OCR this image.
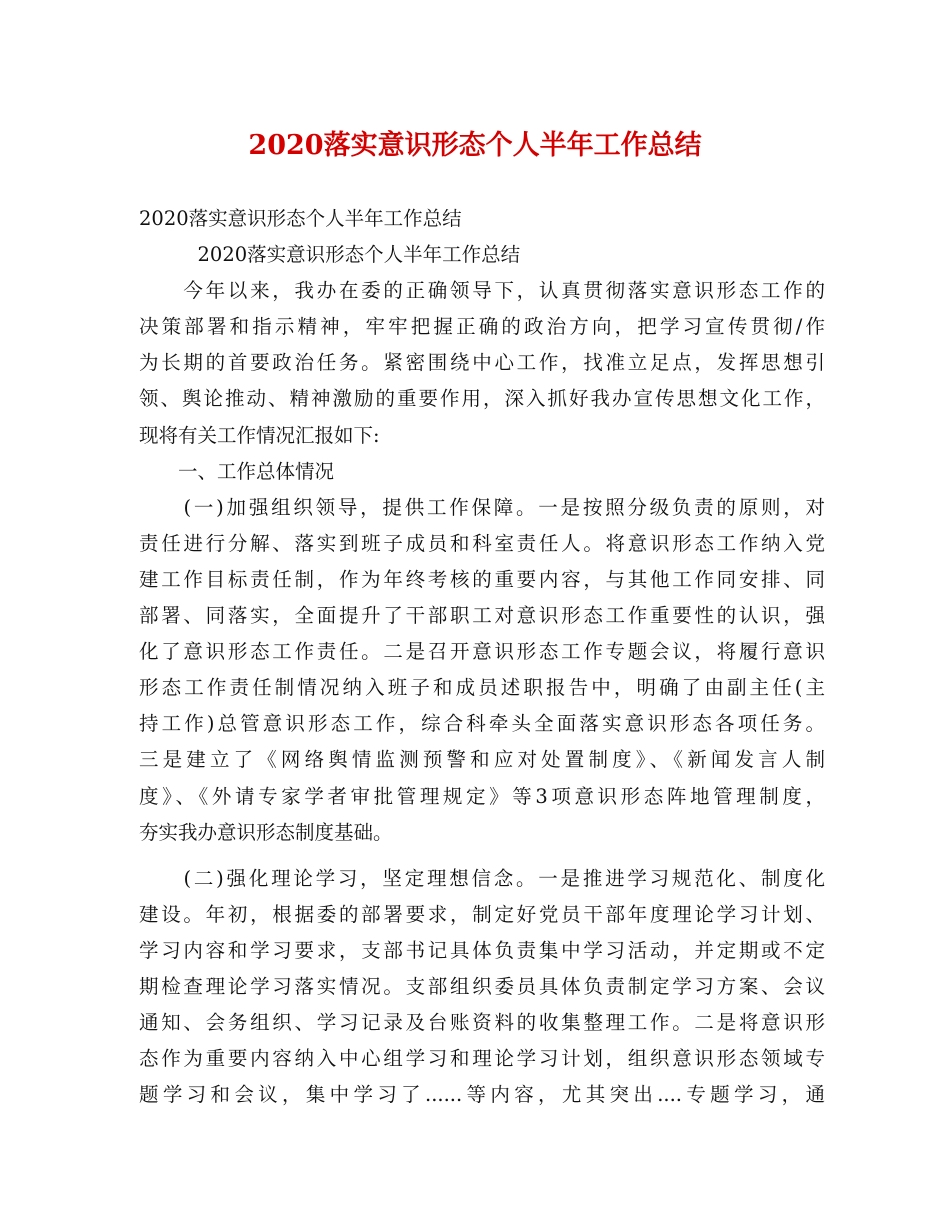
2020落实意识形态个人半年工作总结
2020落实意识形态个人半年工作总结
　　　2020落实意识形态个人半年工作总结
　　今年以来，我办在委的正确领导下，认真贯彻落实意识形态工作的
决策部署和指示精神，牢牢把握正确的政治方向，把学习宣传贯彻/作
为长期的首要政治任务。紧密围绕中心工作，找准立足点，发挥思想引
领、舆论推动、精神激励的重要作用，深入抓好我办宣传思想文化工作，
现将有关工作情况汇报如下:
　　一、工作总体情况
　　(一)加强组织领导，提供工作保障。一是按照分级负责的原则，对
责任进行分解、落实到班子成员和科室责任人。将意识形态工作纳入党
建工作目标责任制，作为年终考核的重要内容，与其他工作同安排、同
部署、同落实，全面提升了干部职工对意识形态工作重要性的认识，强
化了意识形态工作责任。二是召开意识形态工作专题会议，将履行意识
形态工作责任制情况纳入班子和成员述职报告中，明确了由副主任(主
持工作)总管意识形态工作，综合科牵头全面落实意识形态各项任务。
三是建立了《网络舆情监测预警和应对处置制度》、《新闻发言人制
度》、《外请专家学者审批管理规定》等3项意识形态阵地管理制度，
夯实我办意识形态制度基础。
　　(二)强化理论学习，坚定理想信念。一是推进学习规范化、制度化
建设。年初，根据委的部署要求，制定好党员干部年度理论学习计划、
学习内容和学习要求，支部书记具体负责集中学习活动，并定期或不定
期检查理论学习落实情况。支部组织委员具体负责制定学习方案、会议
通知、会务组织、学习记录及台账资料的收集整理工作。二是将意识形
态作为重要内容纳入中心组学习和理论学习计划，组织意识形态领域专
题学习和会议，集中学习了......等内容，尤其突出....专题学习，通
